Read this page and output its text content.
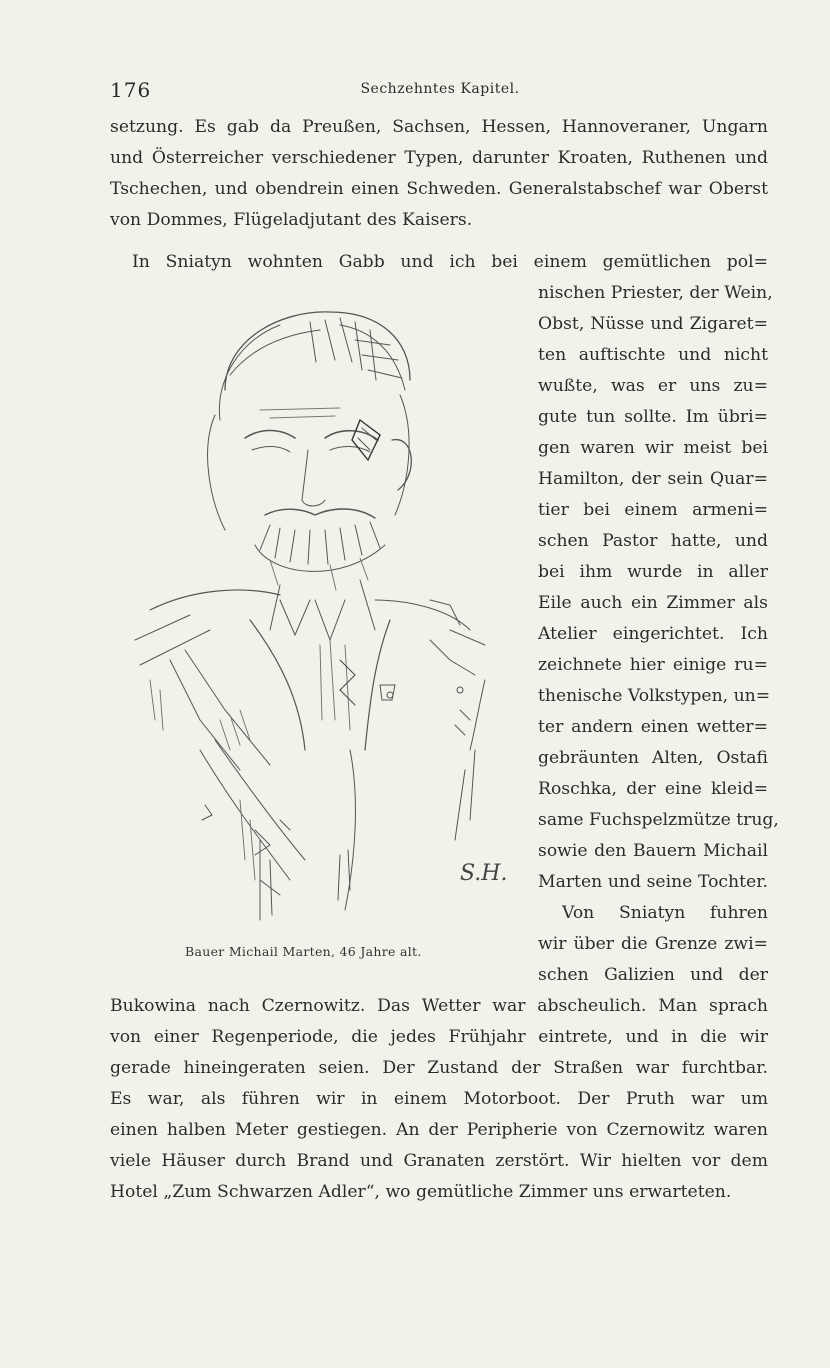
176	Sechzehntes Kapitel.
setzung. Es gab da Preußen, Sachsen, Hessen, Hannoveraner, Ungarn
und Österreicher verschiedener Typen, darunter Kroaten, Ruthenen und
Tschechen, und obendrein einen Schweden. Generalstabschef war Oberst
von Dommes, Flügeladjutant des Kaisers.
In Sniatyn wohnten Gabb und ich bei einem gemütlichen pol=
nischen Priester, der Wein,
Obst, Nüsse und Zigaret=
ten auftischte und nicht
wußte, was er uns zu=
gute tun sollte. Im übri=
gen waren wir meist bei
Hamilton, der sein Quar=
tier bei einem armeni=
schen Pastor hatte, und
bei ihm wurde in aller
Eile auch ein Zimmer als
Atelier eingerichtet. Ich
zeichnete hier einige ru=
thenische Volkstypen, un=
ter andern einen wetter=
gebräunten Alten, Ostafi
Roschka, der eine kleid=
same Fuchspelzmütze trug,
sowie den Bauern Michail
Marten und seine Tochter.
Von Sniatyn fuhren
wir über die Grenze zwi=
schen Galizien und der
Bukowina nach Czernowitz. Das Wetter war abscheulich. Man sprach
von einer Regenperiode, die jedes Frühjahr eintrete, und in die wir
gerade hineingeraten seien. Der Zustand der Straßen war furchtbar.
Es war, als führen wir in einem Motorboot. Der Pruth war um
einen halben Meter gestiegen. An der Peripherie von Czernowitz waren
viele Häuser durch Brand und Granaten zerstört. Wir hielten vor dem
Hotel „Zum Schwarzen Adler“, wo gemütliche Zimmer uns erwarteten.
S.H.
Bauer Michail Marten, 46 Jahre alt.
